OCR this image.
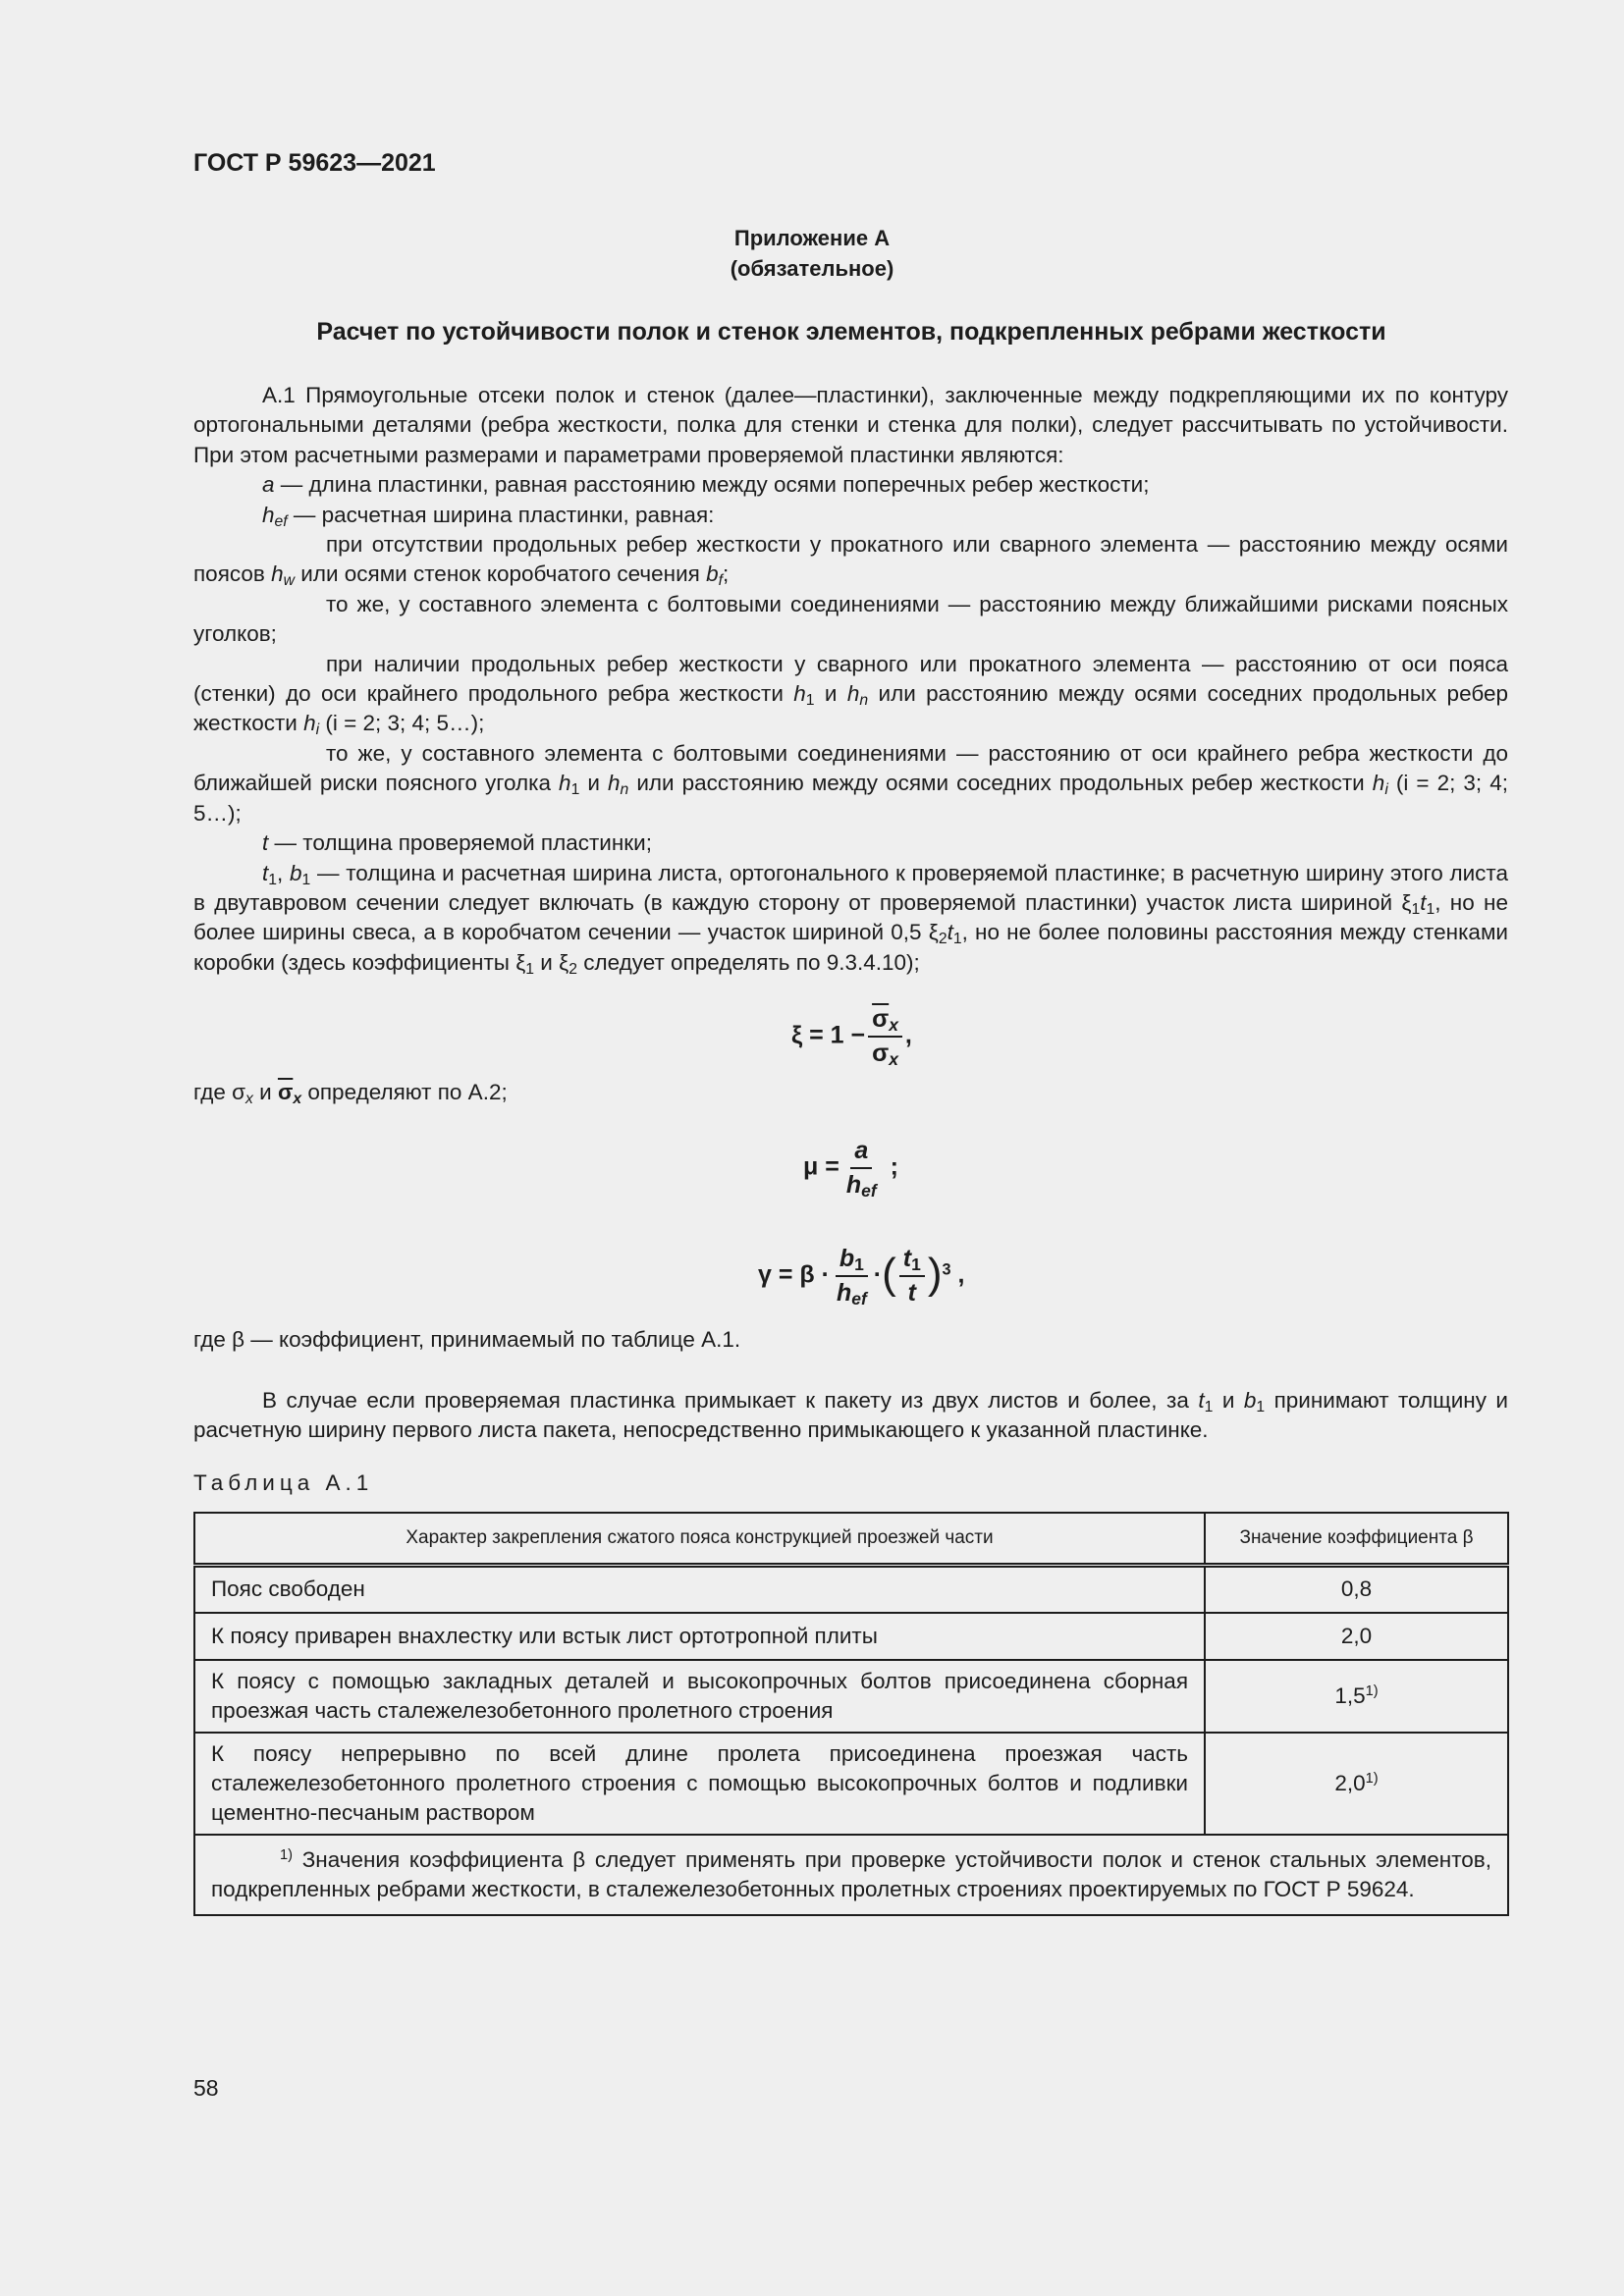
ГОСТ Р 59623—2021
Приложение А
(обязательное)
Расчет по устойчивости полок и стенок элементов, подкрепленных ребрами жесткости

А.1 Прямоугольные отсеки полок и стенок (далее—пластинки), заключенные между подкрепляющими их по контуру ортогональными деталями (ребра жесткости, полка для стенки и стенка для полки), следует рассчитывать по устойчивости. При этом расчетными размерами и параметрами проверяемой пластинки являются:

a — длина пластинки, равная расстоянию между осями поперечных ребер жесткости;

$h_{ef}$ — расчетная ширина пластинки, равная:

при отсутствии продольных ребер жесткости у прокатного или сварного элемента — расстоянию между осями поясов $h_w$ или осями стенок коробчатого сечения $b_f$;

то же, у составного элемента с болтовыми соединениями — расстоянию между ближайшими рисками поясных уголков;

при наличии продольных ребер жесткости у сварного или прокатного элемента — расстоянию от оси пояса (стенки) до оси крайнего продольного ребра жесткости $h_1$ и $h_n$ или расстоянию между осями соседних продольных ребер жесткости $h_i$ (i = 2; 3; 4; 5…);

то же, у составного элемента с болтовыми соединениями — расстоянию от оси крайнего ребра жесткости до ближайшей риски поясного уголка $h_1$ и $h_n$ или расстоянию между осями соседних продольных ребер жесткости $h_i$ (i = 2; 3; 4; 5…);

t — толщина проверяемой пластинки;

$t_1$, $b_1$ — толщина и расчетная ширина листа, ортогонального к проверяемой пластинке; в расчетную ширину этого листа в двутавровом сечении следует включать (в каждую сторону от проверяемой пластинки) участок листа шириной $\xi_1t_1$, но не более ширины свеса, а в коробчатом сечении — участок шириной 0,5 $\xi_2t_1$, но не более половины расстояния между стенками коробки (здесь коэффициенты $\xi_1$ и $\xi_2$ следует определять по 9.3.4.10);

$\xi = 1 - \frac{\overline{\sigma}_x}{\sigma_x}$ ,
где $\sigma_x$ и $\overline{\sigma}_x$ определяют по А.2;
$\mu = \frac{a}{h_{ef}}$ ;
$\gamma = \beta \cdot \frac{b_1}{h_{ef}}$ ·( $\frac{t_1}{t} )^3$ ,
где β — коэффициент, принимаемый по таблице А.1.

В случае если проверяемая пластинка примыкает к пакету из двух листов и более, за $t_1$ и $b_1$ принимают толщину и расчетную ширину первого листа пакета, непосредственно примыкающего к указанной пластинке.

Таблица А.1
Характер закрепления сжатого пояса конструкцией проезжей части	Значение коэффициента β
Пояс свободен	0,8
К поясу приварен внахлестку или встык лист ортотропной плиты	2,0
К поясу с помощью закладных деталей и высокопрочных болтов присоединена сборная проезжая часть сталежелезобетонного пролетного строения	1,5$^{1)}$
К поясу непрерывно по всей длине пролета присоединена проезжая часть сталежелезобетонного пролетного строения с помощью высокопрочных болтов и подливки цементно-песчаным раствором	2,0$^{1)}$
$^{1)}$ Значения коэффициента β следует применять при проверке устойчивости полок и стенок стальных элементов, подкрепленных ребрами жесткости, в сталежелезобетонных пролетных строениях проектируемых по ГОСТ Р 59624.	
58
